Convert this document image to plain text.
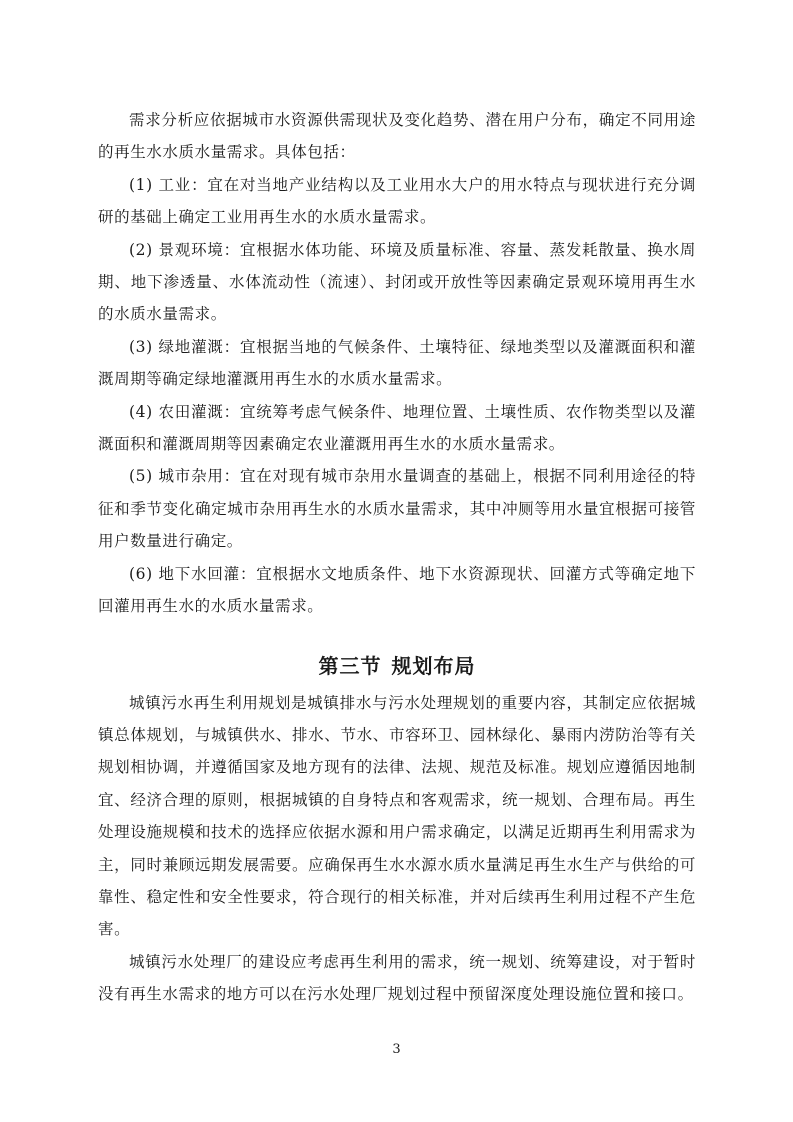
需求分析应依据城市水资源供需现状及变化趋势、潜在用户分布，确定不同用途的再生水水质水量需求。具体包括：

(1) 工业：宜在对当地产业结构以及工业用水大户的用水特点与现状进行充分调研的基础上确定工业用再生水的水质水量需求。

(2) 景观环境：宜根据水体功能、环境及质量标准、容量、蒸发耗散量、换水周期、地下渗透量、水体流动性（流速）、封闭或开放性等因素确定景观环境用再生水的水质水量需求。

(3) 绿地灌溉：宜根据当地的气候条件、土壤特征、绿地类型以及灌溉面积和灌溉周期等确定绿地灌溉用再生水的水质水量需求。

(4) 农田灌溉：宜统筹考虑气候条件、地理位置、土壤性质、农作物类型以及灌溉面积和灌溉周期等因素确定农业灌溉用再生水的水质水量需求。

(5) 城市杂用：宜在对现有城市杂用水量调查的基础上，根据不同利用途径的特征和季节变化确定城市杂用再生水的水质水量需求，其中冲厕等用水量宜根据可接管用户数量进行确定。

(6) 地下水回灌：宜根据水文地质条件、地下水资源现状、回灌方式等确定地下回灌用再生水的水质水量需求。

第三节 规划布局

城镇污水再生利用规划是城镇排水与污水处理规划的重要内容，其制定应依据城镇总体规划，与城镇供水、排水、节水、市容环卫、园林绿化、暴雨内涝防治等有关规划相协调，并遵循国家及地方现有的法律、法规、规范及标准。规划应遵循因地制宜、经济合理的原则，根据城镇的自身特点和客观需求，统一规划、合理布局。再生处理设施规模和技术的选择应依据水源和用户需求确定，以满足近期再生利用需求为主，同时兼顾远期发展需要。应确保再生水水源水质水量满足再生水生产与供给的可靠性、稳定性和安全性要求，符合现行的相关标准，并对后续再生利用过程不产生危害。

城镇污水处理厂的建设应考虑再生利用的需求，统一规划、统筹建设，对于暂时没有再生水需求的地方可以在污水处理厂规划过程中预留深度处理设施位置和接口。

3
